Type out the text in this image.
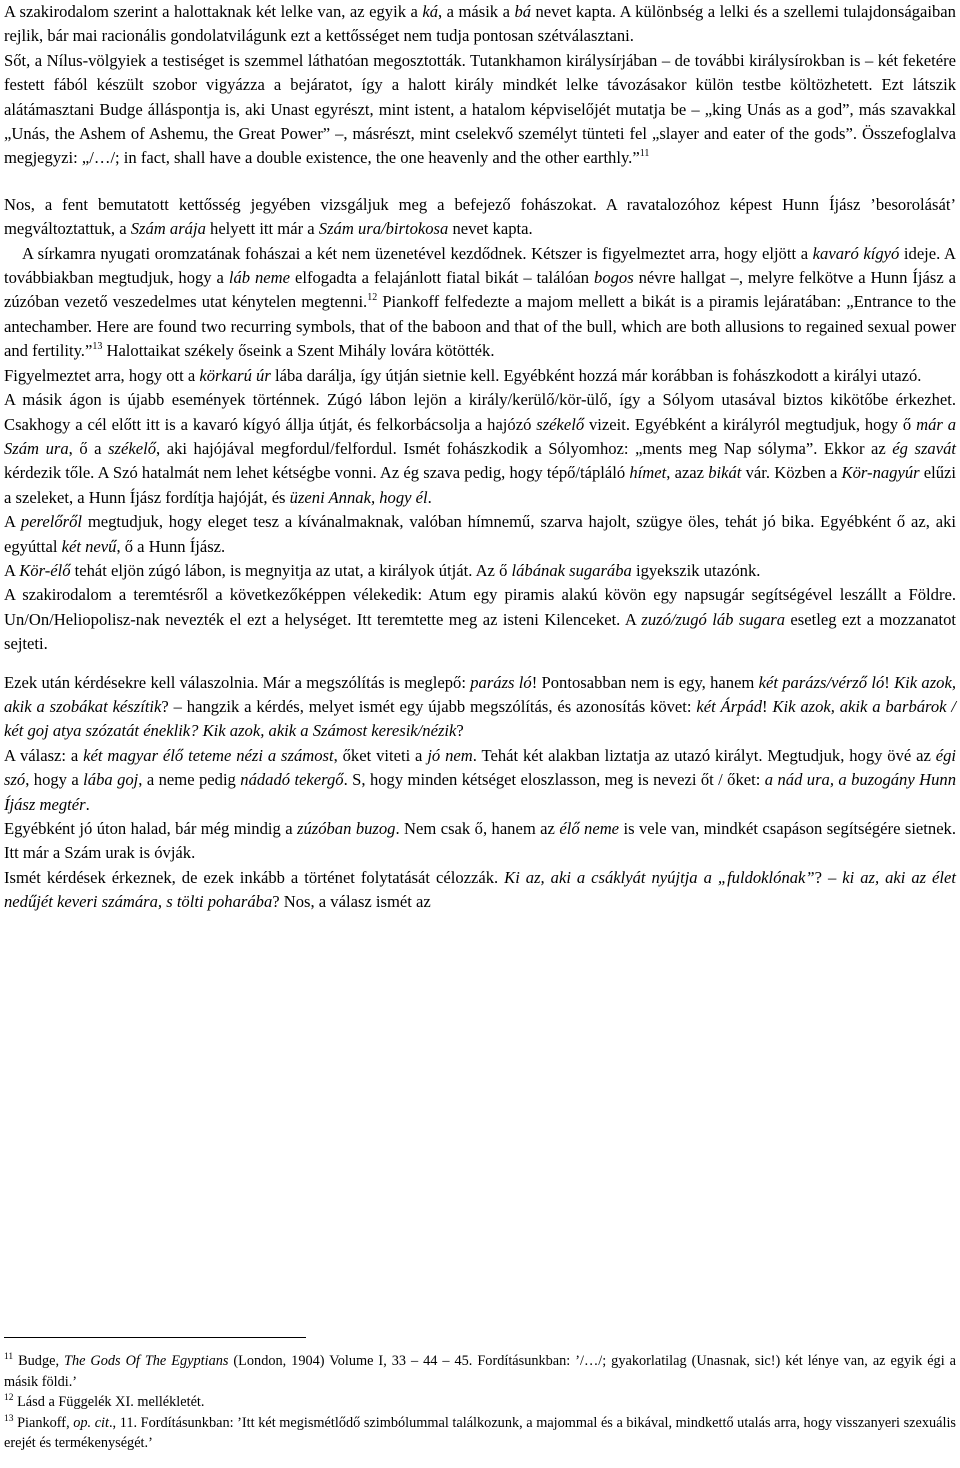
A szakirodalom szerint a halottaknak két lelke van, az egyik a ká, a másik a bá nevet kapta. A különbség a lelki és a szellemi tulajdonságaiban rejlik, bár mai racionális gondolatvilágunk ezt a kettősséget nem tudja pontosan szétválasztani.

Sőt, a Nílus-völgyiek a testiséget is szemmel láthatóan megosztották. Tutankhamon királysírjában – de további királysírokban is – két feketére festett fából készült szobor vigyázza a bejáratot, így a halott király mindkét lelke távozásakor külön testbe költözhetett. Ezt látszik alátámasztani Budge álláspontja is, aki Unast egyrészt, mint istent, a hatalom képviselőjét mutatja be – „king Unás as a god”, más szavakkal „Unás, the Ashem of Ashemu, the Great Power” –, másrészt, mint cselekvő személyt tünteti fel „slayer and eater of the gods”. Összefoglalva megjegyzi: „/…/; in fact, shall have a double existence, the one heavenly and the other earthly.”$^{11}$

Nos, a fent bemutatott kettősség jegyében vizsgáljuk meg a befejező fohászokat. A ravatalozóhoz képest Hunn Íjász ’besorolását’ megváltoztattuk, a Szám arája helyett itt már a Szám ura/birtokosa nevet kapta.

A sírkamra nyugati oromzatának fohászai a két nem üzenetével kezdődnek. Kétszer is figyelmeztet arra, hogy eljött a kavaró kígyó ideje. A továbbiakban megtudjuk, hogy a láb neme elfogadta a felajánlott fiatal bikát – találóan bogos névre hallgat –, melyre felkötve a Hunn Íjász a zúzóban vezető veszedelmes utat kénytelen megtenni.$^{12}$ Piankoff felfedezte a majom mellett a bikát is a piramis lejáratában: „Entrance to the antechamber. Here are found two recurring symbols, that of the baboon and that of the bull, which are both allusions to regained sexual power and fertility.”$^{13}$ Halottaikat székely őseink a Szent Mihály lovára kötötték.

Figyelmeztet arra, hogy ott a körkarú úr lába darálja, így útján sietnie kell. Egyébként hozzá már korábban is fohászkodott a királyi utazó.

A másik ágon is újabb események történnek. Zúgó lábon lejön a király/kerülő/kör-ülő, így a Sólyom utasával biztos kikötőbe érkezhet. Csakhogy a cél előtt itt is a kavaró kígyó állja útját, és felkorbácsolja a hajózó székelő vizeit. Egyébként a királyról megtudjuk, hogy ő már a Szám ura, ő a székelő, aki hajójával megfordul/felfordul. Ismét fohászkodik a Sólyomhoz: „ments meg Nap sólyma”. Ekkor az ég szavát kérdezik tőle. A Szó hatalmát nem lehet kétségbe vonni. Az ég szava pedig, hogy tépő/tápláló hímet, azaz bikát vár. Közben a Kör-nagyúr elűzi a szeleket, a Hunn Íjász fordítja hajóját, és üzeni Annak, hogy él.

A perelőről megtudjuk, hogy eleget tesz a kívánalmaknak, valóban hímnemű, szarva hajolt, szügye öles, tehát jó bika. Egyébként ő az, aki egyúttal két nevű, ő a Hunn Íjász.

A Kör-élő tehát eljön zúgó lábon, is megnyitja az utat, a királyok útját. Az ő lábának sugarába igyekszik utazónk.

A szakirodalom a teremtésről a következőképpen vélekedik: Atum egy piramis alakú kövön egy napsugár segítségével leszállt a Földre. Un/On/Heliopolisz-nak nevezték el ezt a helységet. Itt teremtette meg az isteni Kilenceket. A zuzó/zugó láb sugara esetleg ezt a mozzanatot sejteti.

Ezek után kérdésekre kell válaszolnia. Már a megszólítás is meglepő: parázs ló! Pontosabban nem is egy, hanem két parázs/vérző ló! Kik azok, akik a szobákat készítik? – hangzik a kérdés, melyet ismét egy újabb megszólítás, és azonosítás követ: két Árpád! Kik azok, akik a barbárok / két goj atya szózatát éneklik? Kik azok, akik a Számost keresik/nézik?

A válasz: a két magyar élő teteme nézi a számost, őket viteti a jó nem. Tehát két alakban liztatja az utazó királyt. Megtudjuk, hogy övé az égi szó, hogy a lába goj, a neme pedig nádadó tekergő. S, hogy minden kétséget eloszlasson, meg is nevezi őt / őket: a nád ura, a buzogány Hunn Íjász megtér.

Egyébként jó úton halad, bár még mindig a zúzóban buzog. Nem csak ő, hanem az élő neme is vele van, mindkét csapáson segítségére sietnek. Itt már a Szám urak is óvják.

Ismét kérdések érkeznek, de ezek inkább a történet folytatását célozzák. Ki az, aki a csáklyát nyújtja a „fuldoklónak”? – ki az, aki az élet nedűjét keveri számára, s tölti poharába? Nos, a válasz ismét az

$^{11}$ Budge, The Gods Of The Egyptians (London, 1904) Volume I, 33 – 44 – 45. Fordításunkban: ’/…/; gyakorlatilag (Unasnak, sic!) két lénye van, az egyik égi a másik földi.’

$^{12}$ Lásd a Függelék XI. mellékletét.

$^{13}$ Piankoff, op. cit., 11. Fordításunkban: ’Itt két megismétlődő szimbólummal találkozunk, a majommal és a bikával, mindkettő utalás arra, hogy visszanyeri szexuális erejét és termékenységét.’
